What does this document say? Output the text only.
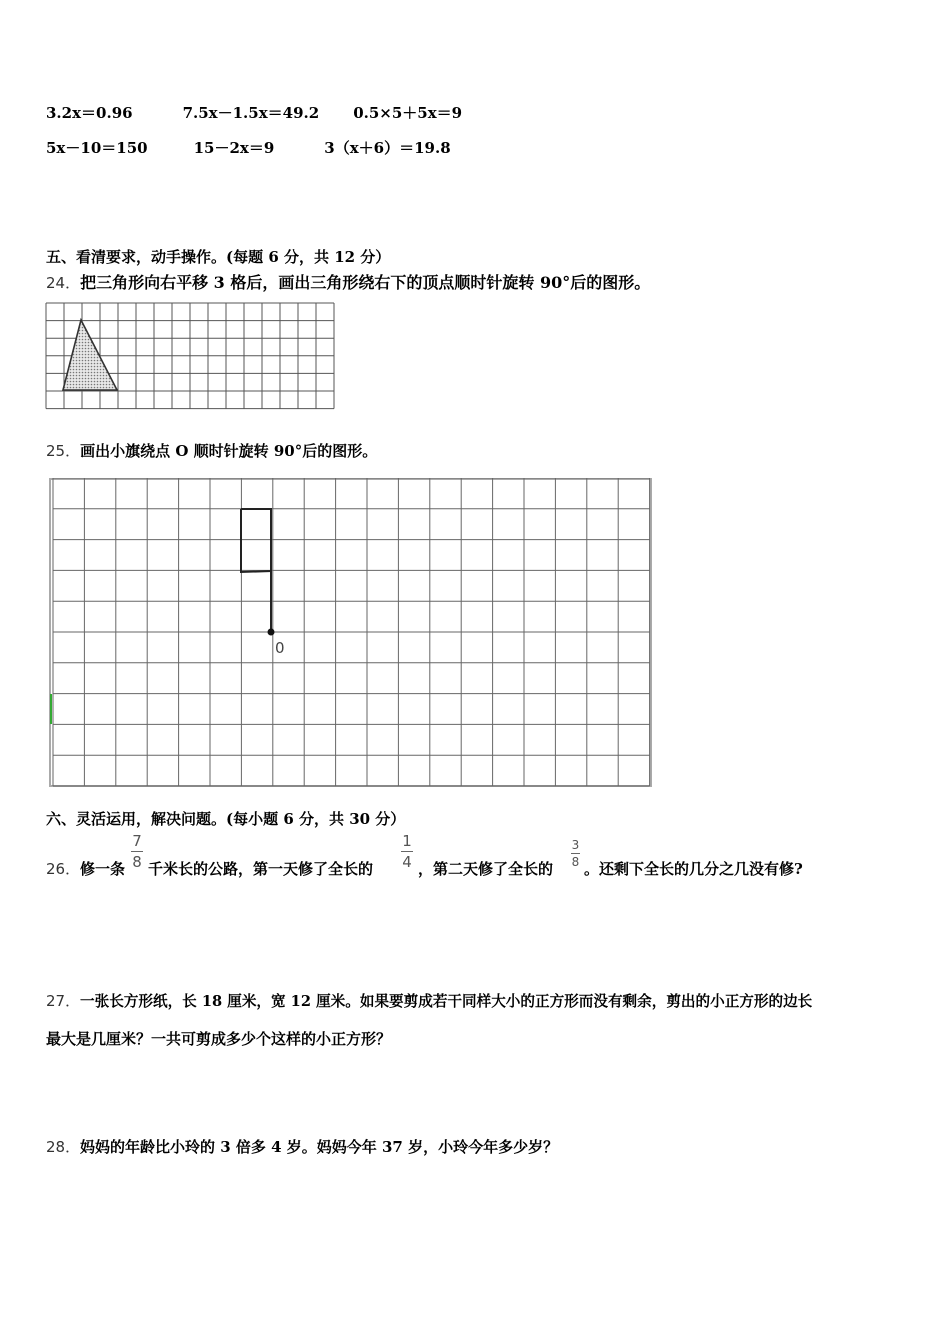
3.2x＝0.96	7.5x－1.5x＝49.2 0.5×5＋5x＝9
5x－10＝150	15－2x＝9	3（x＋6）＝19.8
五、看清要求，动手操作。(每题 6 分，共 12 分）
24．把三角形向右平移 3 格后，画出三角形绕右下的顶点顺时针旋转 90°后的图形。
25．画出小旗绕点 O 顺时针旋转 90°后的图形。
0
六、灵活运用，解决问题。(每小题 6 分，共 30 分）
26． 修一条
7
8 千米长的公路，第一天修了全长的
1
4 ，第二天修了全长的
3
8 。还剩下全长的几分之几没有修?
27． 一张长方形纸，长 18 厘米，宽 12 厘米。如果要剪成若干同样大小的正方形而没有剩余，剪出的小正方形的边长
最大是几厘米？一共可剪成多少个这样的小正方形？
28． 妈妈的年龄比小玲的 3 倍多 4 岁。妈妈今年 37 岁，小玲今年多少岁？
